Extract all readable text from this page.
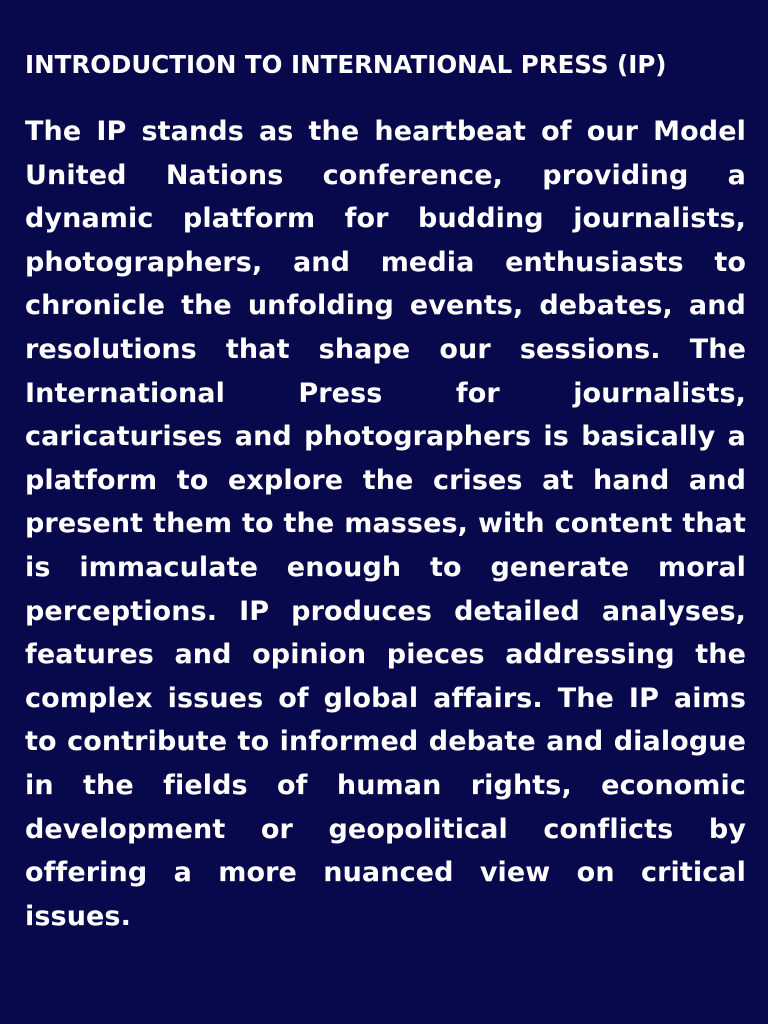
INTRODUCTION TO INTERNATIONAL PRESS (IP)

The IP stands as the heartbeat of our Model United Nations conference, providing a dynamic platform for budding journalists, photographers, and media enthusiasts to chronicle the unfolding events, debates, and resolutions that shape our sessions. The International Press for journalists, caricaturises and photographers is basically a platform to explore the crises at hand and present them to the masses, with content that is immaculate enough to generate moral perceptions. IP produces detailed analyses, features and opinion pieces addressing the complex issues of global affairs. The IP aims to contribute to informed debate and dialogue in the fields of human rights, economic development or geopolitical conflicts by offering a more nuanced view on critical issues.
